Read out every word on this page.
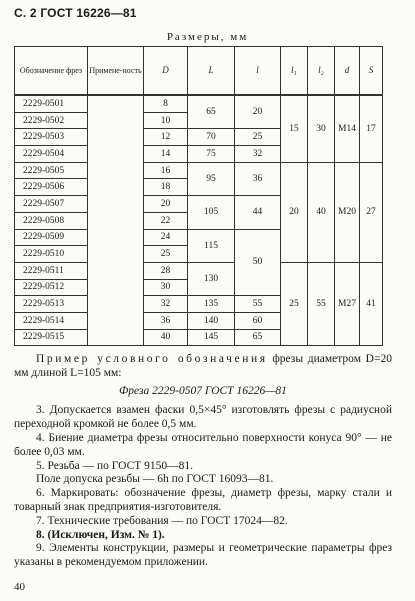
С. 2 ГОСТ 16226—81
Размеры, мм
Обозначение фрез	Примене-ность	D	L	l	l₁	l₂	d	S
2229-0501		8	65	20	15	30	М14	17
2229-0502		10						
2229-0503		12	70	25				
2229-0504		14	75	32				
2229-0505		16	95	36	20	40	М20	27
2229-0506		18						
2229-0507		20	105	44				
2229-0508		22						
2229-0509		24	115	50				
2229-0510		25						
2229-0511		28	130		25	55	М27	41
2229-0512		30						
2229-0513		32	135	55				
2229-0514		36	140	60				
2229-0515		40	145	65				

Пример условного обозначения фрезы диаметром D=20 мм длиной L=105 мм:

Фреза 2229-0507 ГОСТ 16226—81

3. Допускается взамен фаски 0,5×45° изготовлять фрезы с радиусной переходной кромкой не более 0,5 мм.

4. Биение диаметра фрезы относительно поверхности конуса 90° — не более 0,03 мм.

5. Резьба — по ГОСТ 9150—81.

Поле допуска резьбы — 6h по ГОСТ 16093—81.

6. Маркировать: обозначение фрезы, диаметр фрезы, марку стали и товарный знак предприятия-изготовителя.

7. Технические требования — по ГОСТ 17024—82.

8. (Исключен, Изм. № 1).

9. Элементы конструкции, размеры и геометрические параметры фрез указаны в рекомендуемом приложении.

40
